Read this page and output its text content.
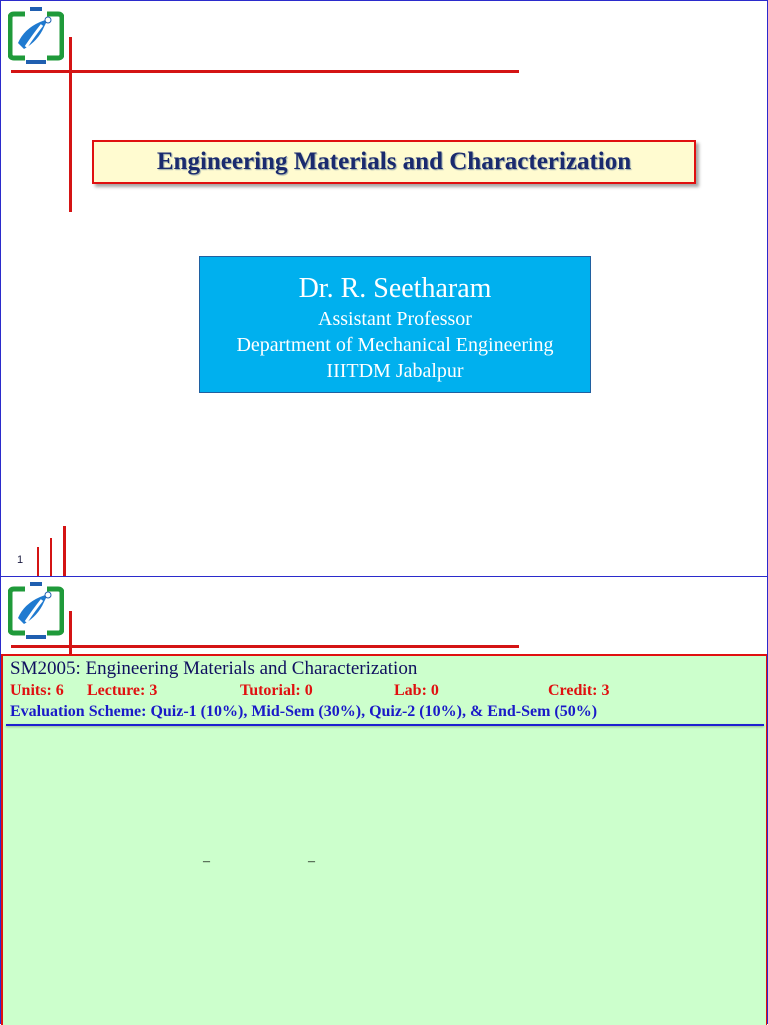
Engineering Materials and Characterization
Dr. R. Seetharam
Assistant Professor
Department of Mechanical Engineering
IIITDM Jabalpur
1
SM2005: Engineering Materials and Characterization
Units: 6 Lecture: 3	Tutorial: 0	Lab: 0	Credit: 3
Evaluation Scheme: Quiz-1 (10%), Mid-Sem (30%), Quiz-2 (10%), & End-Sem (50%)
–	–
